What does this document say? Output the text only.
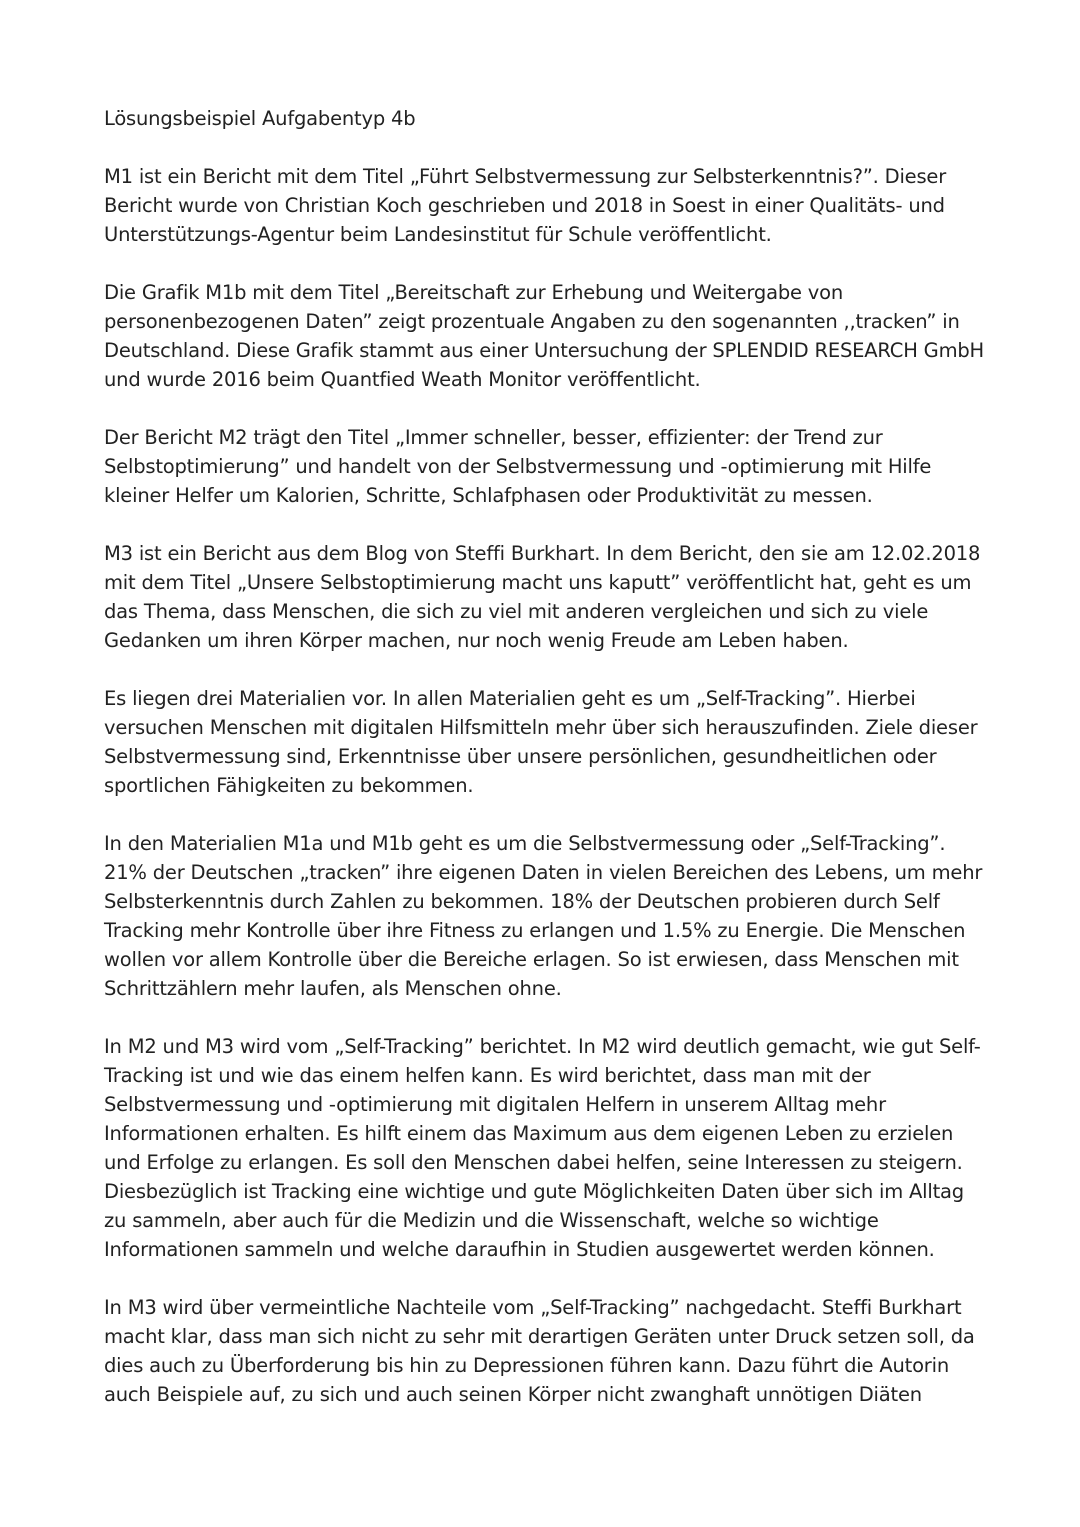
Lösungsbeispiel Aufgabentyp 4b

M1 ist ein Bericht mit dem Titel „Führt Selbstvermessung zur Selbsterkenntnis?”. Dieser Bericht wurde von Christian Koch geschrieben und 2018 in Soest in einer Qualitäts- und Unterstützungs-Agentur beim Landesinstitut für Schule veröffentlicht.

Die Grafik M1b mit dem Titel „Bereitschaft zur Erhebung und Weitergabe von personenbezogenen Daten” zeigt prozentuale Angaben zu den sogenannten ,,tracken” in Deutschland. Diese Grafik stammt aus einer Untersuchung der SPLENDID RESEARCH GmbH und wurde 2016 beim Quantfied Weath Monitor veröffentlicht.

Der Bericht M2 trägt den Titel „Immer schneller, besser, effizienter: der Trend zur Selbstoptimierung” und handelt von der Selbstvermessung und -optimierung mit Hilfe kleiner Helfer um Kalorien, Schritte, Schlafphasen oder Produktivität zu messen.

M3 ist ein Bericht aus dem Blog von Steffi Burkhart. In dem Bericht, den sie am 12.02.2018 mit dem Titel „Unsere Selbstoptimierung macht uns kaputt” veröffentlicht hat, geht es um das Thema, dass Menschen, die sich zu viel mit anderen vergleichen und sich zu viele Gedanken um ihren Körper machen, nur noch wenig Freude am Leben haben.

Es liegen drei Materialien vor. In allen Materialien geht es um „Self-Tracking”. Hierbei versuchen Menschen mit digitalen Hilfsmitteln mehr über sich herauszufinden. Ziele dieser Selbstvermessung sind, Erkenntnisse über unsere persönlichen, gesundheitlichen oder sportlichen Fähigkeiten zu bekommen.

In den Materialien M1a und M1b geht es um die Selbstvermessung oder „Self-Tracking”. 21% der Deutschen „tracken” ihre eigenen Daten in vielen Bereichen des Lebens, um mehr Selbsterkenntnis durch Zahlen zu bekommen. 18% der Deutschen probieren durch Self Tracking mehr Kontrolle über ihre Fitness zu erlangen und 1.5% zu Energie. Die Menschen wollen vor allem Kontrolle über die Bereiche erlagen. So ist erwiesen, dass Menschen mit Schrittzählern mehr laufen, als Menschen ohne.

In M2 und M3 wird vom „Self-Tracking” berichtet. In M2 wird deutlich gemacht, wie gut Self-Tracking ist und wie das einem helfen kann. Es wird berichtet, dass man mit der Selbstvermessung und -optimierung mit digitalen Helfern in unserem Alltag mehr Informationen erhalten. Es hilft einem das Maximum aus dem eigenen Leben zu erzielen und Erfolge zu erlangen. Es soll den Menschen dabei helfen, seine Interessen zu steigern. Diesbezüglich ist Tracking eine wichtige und gute Möglichkeiten Daten über sich im Alltag zu sammeln, aber auch für die Medizin und die Wissenschaft, welche so wichtige Informationen sammeln und welche daraufhin in Studien ausgewertet werden können.

In M3 wird über vermeintliche Nachteile vom „Self-Tracking” nachgedacht. Steffi Burkhart macht klar, dass man sich nicht zu sehr mit derartigen Geräten unter Druck setzen soll, da dies auch zu Überforderung bis hin zu Depressionen führen kann. Dazu führt die Autorin auch Beispiele auf, zu sich und auch seinen Körper nicht zwanghaft unnötigen Diäten
